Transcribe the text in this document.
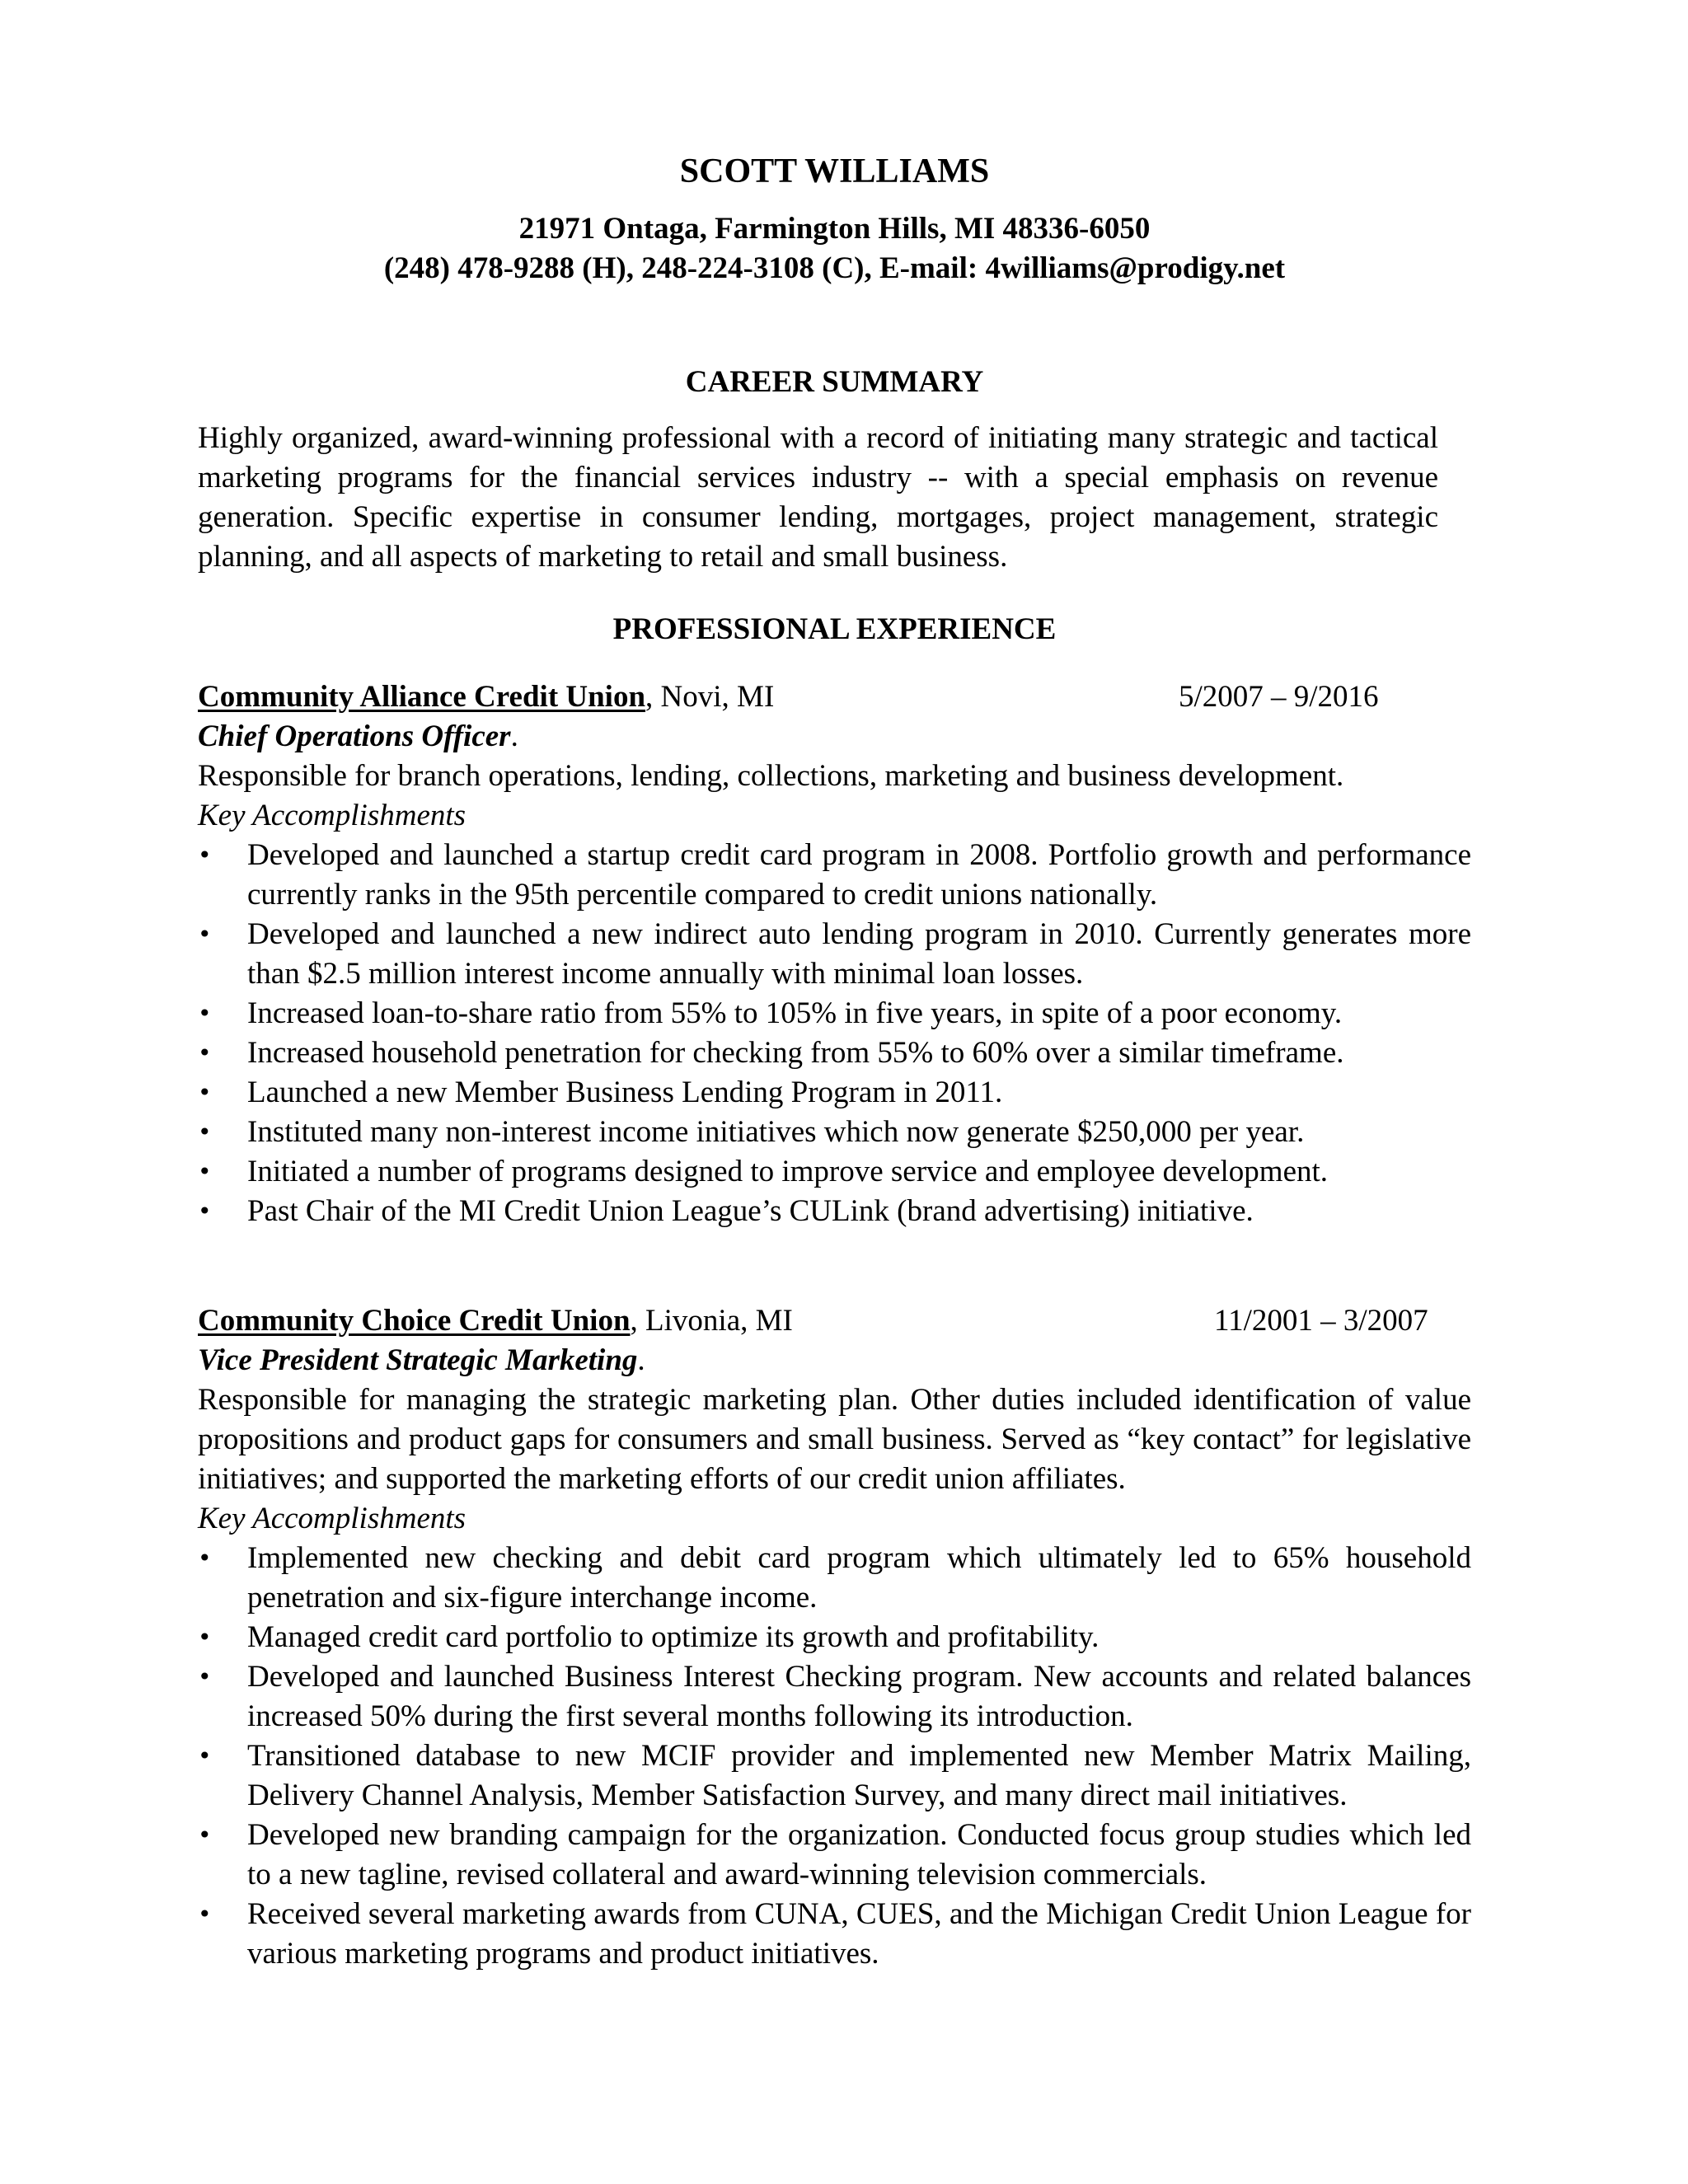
SCOTT WILLIAMS
21971 Ontaga, Farmington Hills, MI 48336-6050
(248) 478-9288 (H), 248-224-3108 (C), E-mail: 4williams@prodigy.net
CAREER SUMMARY

Highly organized, award-winning professional with a record of initiating many strategic and tactical marketing programs for the financial services industry -- with a special emphasis on revenue generation. Specific expertise in consumer lending, mortgages, project management, strategic planning, and all aspects of marketing to retail and small business.

PROFESSIONAL EXPERIENCE
Community Alliance Credit Union, Novi, MI	5/2007 – 9/2016
Chief Operations Officer.

Responsible for branch operations, lending, collections, marketing and business development.

Key Accomplishments
• Developed and launched a startup credit card program in 2008. Portfolio growth and performance currently ranks in the 95th percentile compared to credit unions nationally.
• Developed and launched a new indirect auto lending program in 2010. Currently generates more than $2.5 million interest income annually with minimal loan losses.
• Increased loan-to-share ratio from 55% to 105% in five years, in spite of a poor economy.
• Increased household penetration for checking from 55% to 60% over a similar timeframe.
• Launched a new Member Business Lending Program in 2011.
• Instituted many non-interest income initiatives which now generate $250,000 per year.
• Initiated a number of programs designed to improve service and employee development.
• Past Chair of the MI Credit Union League’s CULink (brand advertising) initiative.
Community Choice Credit Union, Livonia, MI	11/2001 – 3/2007
Vice President Strategic Marketing.

Responsible for managing the strategic marketing plan. Other duties included identification of value propositions and product gaps for consumers and small business. Served as “key contact” for legislative initiatives; and supported the marketing efforts of our credit union affiliates.

Key Accomplishments
• Implemented new checking and debit card program which ultimately led to 65% household penetration and six-figure interchange income.
• Managed credit card portfolio to optimize its growth and profitability.
• Developed and launched Business Interest Checking program. New accounts and related balances increased 50% during the first several months following its introduction.
• Transitioned database to new MCIF provider and implemented new Member Matrix Mailing, Delivery Channel Analysis, Member Satisfaction Survey, and many direct mail initiatives.
• Developed new branding campaign for the organization. Conducted focus group studies which led to a new tagline, revised collateral and award-winning television commercials.
• Received several marketing awards from CUNA, CUES, and the Michigan Credit Union League for various marketing programs and product initiatives.
